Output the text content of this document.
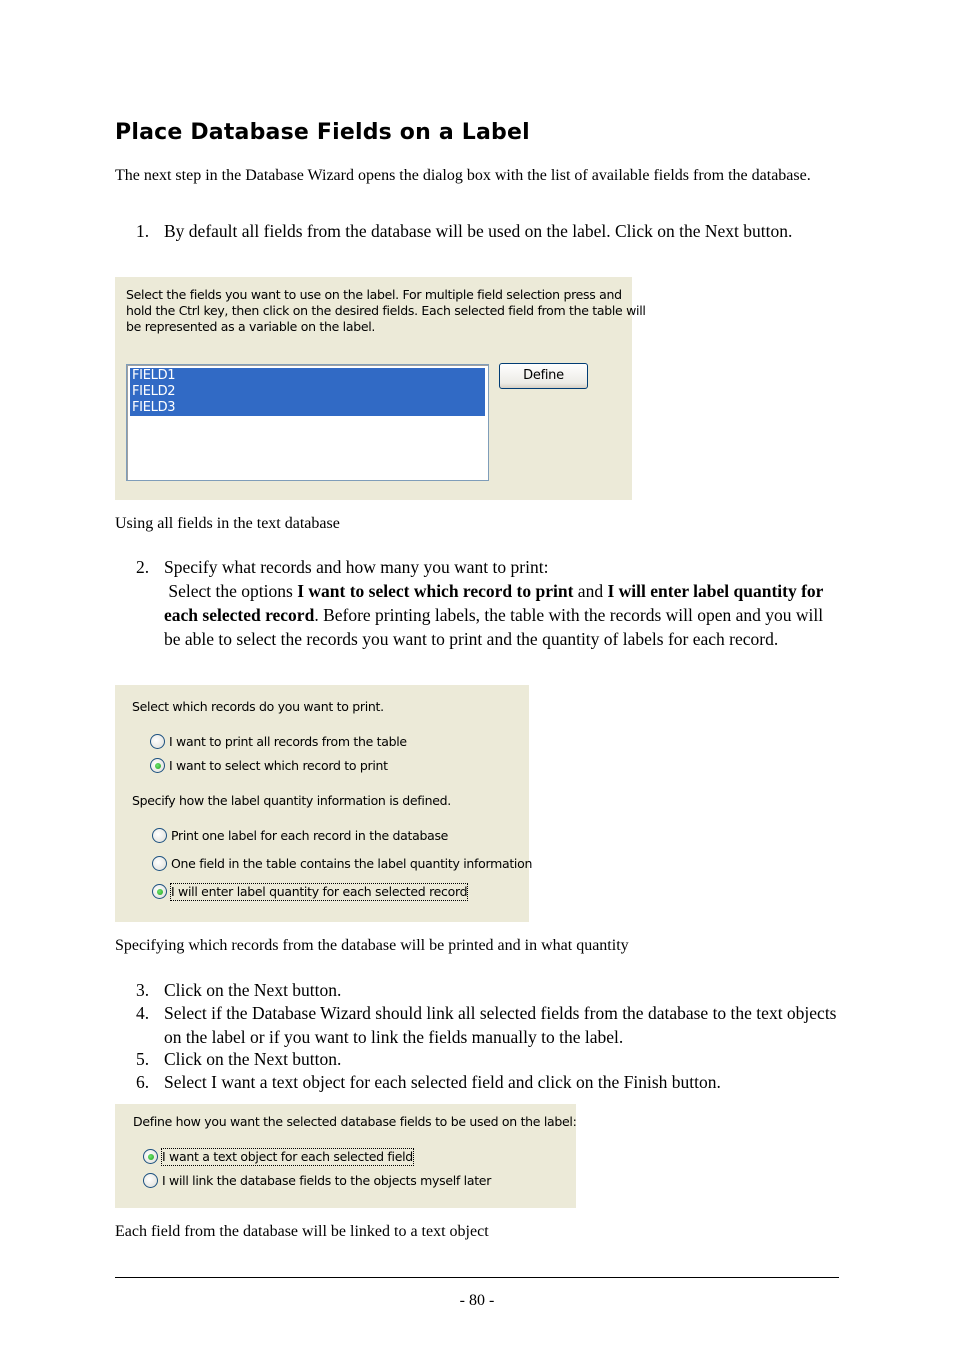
Place Database Fields on a Label

The next step in the Database Wizard opens the dialog box with the list of available fields from the database.

1. By default all fields from the database will be used on the label. Click on the Next button.
Select the fields you want to use on the label. For multiple field selection press and
hold the Ctrl key, then click on the desired fields. Each selected field from the table will
be represented as a variable on the label.
FIELD1
FIELD2
FIELD3
Define
Using all fields in the text database
2. Specify what records and how many you want to print:
Select the options I want to select which record to print and I will enter label quantity for each selected record. Before printing labels, the table with the records will open and you will be able to select the records you want to print and the quantity of labels for each record.
Select which records do you want to print.
I want to print all records from the table
I want to select which record to print
Specify how the label quantity information is defined.
Print one label for each record in the database
One field in the table contains the label quantity information
I will enter label quantity for each selected record
Specifying which records from the database will be printed and in what quantity
3. Click on the Next button.
4. Select if the Database Wizard should link all selected fields from the database to the text objects on the label or if you want to link the fields manually to the label.
5. Click on the Next button.
6. Select I want a text object for each selected field and click on the Finish button.
Define how you want the selected database fields to be used on the label:
I want a text object for each selected field
I will link the database fields to the objects myself later
Each field from the database will be linked to a text object
- 80 -
